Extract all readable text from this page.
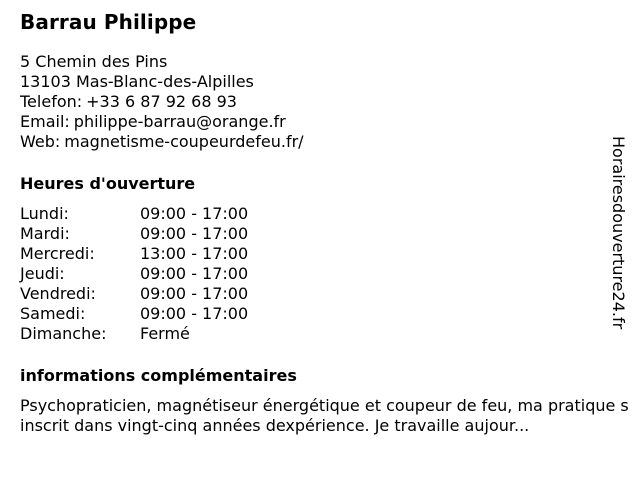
Barrau Philippe
5 Chemin des Pins
13103 Mas-Blanc-des-Alpilles
Telefon: +33 6 87 92 68 93
Email: philippe-barrau@orange.fr
Web: magnetisme-coupeurdefeu.fr/
Heures d'ouverture
Lundi:	09:00 - 17:00
Mardi:	09:00 - 17:00
Mercredi:	13:00 - 17:00
Jeudi:	09:00 - 17:00
Vendredi:	09:00 - 17:00
Samedi:	09:00 - 17:00
Dimanche:	Fermé
informations complémentaires
Psychopraticien, magnétiseur énergétique et coupeur de feu, ma pratique sinscrit dans vingt-cinq années dexpérience. Je travaille aujour...
Horairesdouverture24.fr
